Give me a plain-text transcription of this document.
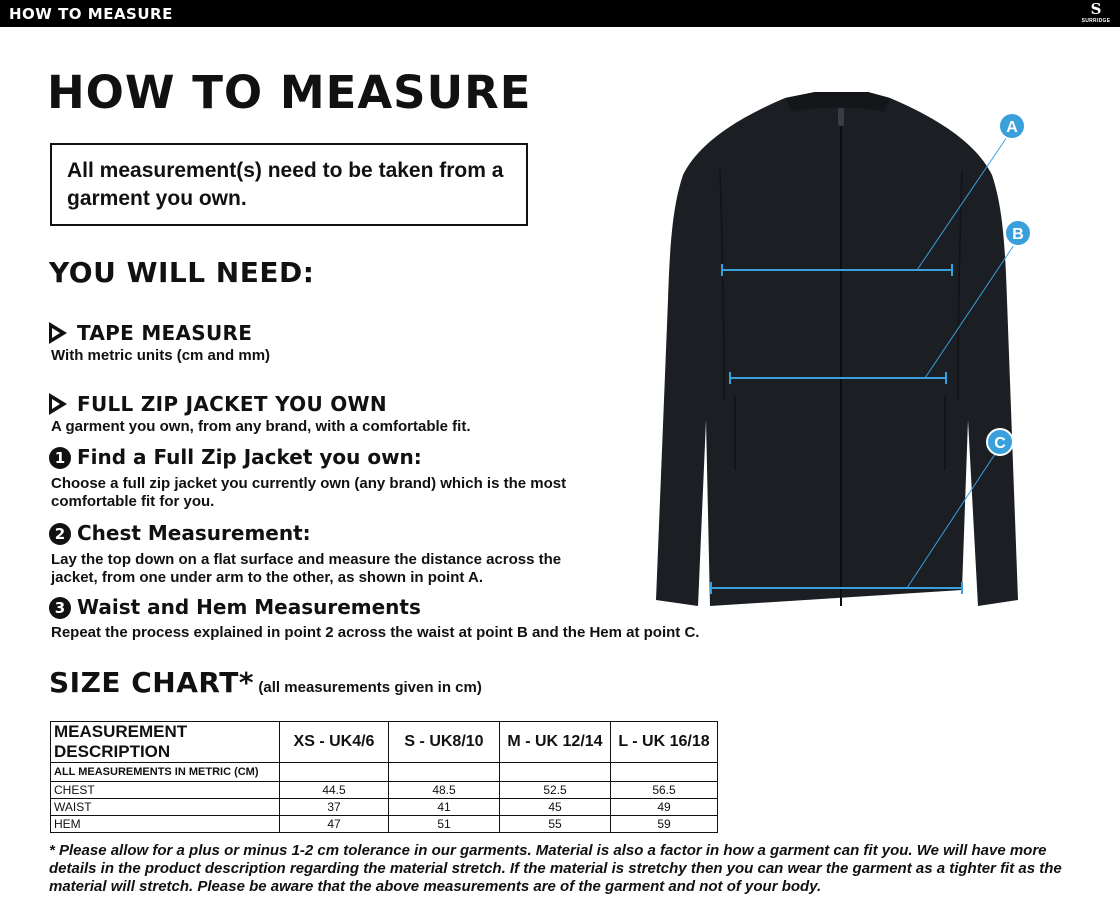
HOW TO MEASURE	S
SURRIDGE
HOW TO MEASURE
All measurement(s) need to be taken from a garment you own.
YOU WILL NEED:
TAPE MEASURE
With metric units (cm and mm)
FULL ZIP JACKET YOU OWN
A garment you own, from any brand, with a comfortable fit.
1 Find a Full Zip Jacket you own:
Choose a full zip jacket you currently own (any brand) which is the most comfortable fit for you.
2 Chest Measurement:
Lay the top down on a flat surface and measure the distance across the jacket, from one under arm to the other, as shown in point A.
3 Waist and Hem Measurements
Repeat the process explained in point 2 across the waist at point B and the Hem at point C.
SIZE CHART* (all measurements given in cm)
MEASUREMENT DESCRIPTION	XS - UK4/6	S - UK8/10	M - UK 12/14	L - UK 16/18
ALL MEASUREMENTS IN METRIC (CM)				
CHEST	44.5	48.5	52.5	56.5
WAIST	37	41	45	49
HEM	47	51	55	59
* Please allow for a plus or minus 1-2 cm tolerance in our garments. Material is also a factor in how a garment can fit you. We will have more details in the product description regarding the material stretch. If the material is stretchy then you can wear the garment as a tighter fit as the material will stretch. Please be aware that the above measurements are of the garment and not of your body.
A
B
C
